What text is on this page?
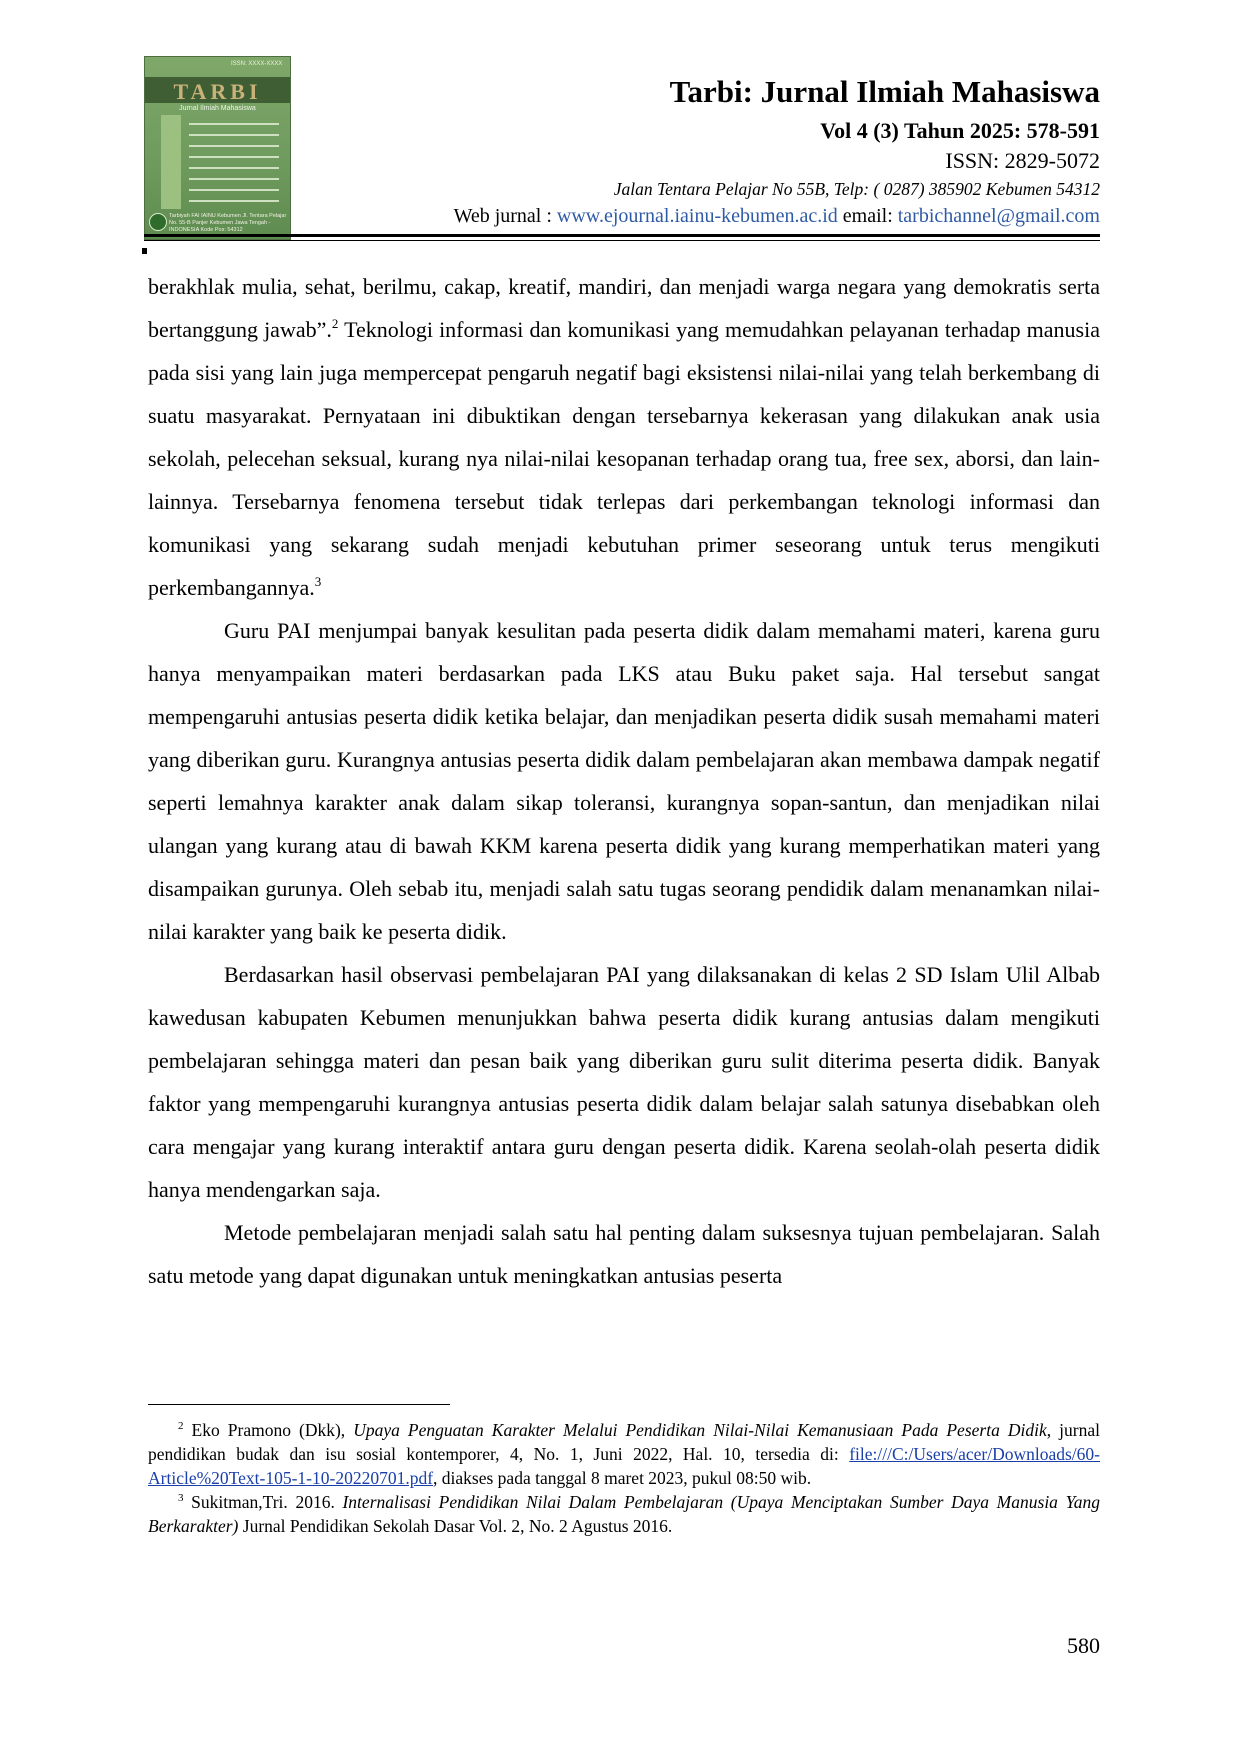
ISSN: XXXX-XXXX
TARBI
Jurnal Ilmiah Mahasiswa
Tarbiyah FAI IAINU Kebumen Jl. Tentara Pelajar No. 55-B Panjer Kebumen Jawa Tengah - INDONESIA Kode Pos: 54312
Tarbi: Jurnal Ilmiah Mahasiswa
Vol 4 (3) Tahun 2025: 578-591
ISSN: 2829-5072
Jalan Tentara Pelajar No 55B, Telp: ( 0287) 385902 Kebumen 54312
Web jurnal : www.ejournal.iainu-kebumen.ac.id email: tarbichannel@gmail.com

berakhlak mulia, sehat, berilmu, cakap, kreatif, mandiri, dan menjadi warga negara yang demokratis serta bertanggung jawab”.$^2$ Teknologi informasi dan komunikasi yang memudahkan pelayanan terhadap manusia pada sisi yang lain juga mempercepat pengaruh negatif bagi eksistensi nilai-nilai yang telah berkembang di suatu masyarakat. Pernyataan ini dibuktikan dengan tersebarnya kekerasan yang dilakukan anak usia sekolah, pelecehan seksual, kurang nya nilai-nilai kesopanan terhadap orang tua, free sex, aborsi, dan lain-lainnya. Tersebarnya fenomena tersebut tidak terlepas dari perkembangan teknologi informasi dan komunikasi yang sekarang sudah menjadi kebutuhan primer seseorang untuk terus mengikuti perkembangannya.$^3$

Guru PAI menjumpai banyak kesulitan pada peserta didik dalam memahami materi, karena guru hanya menyampaikan materi berdasarkan pada LKS atau Buku paket saja. Hal tersebut sangat mempengaruhi antusias peserta didik ketika belajar, dan menjadikan peserta didik susah memahami materi yang diberikan guru. Kurangnya antusias peserta didik dalam pembelajaran akan membawa dampak negatif seperti lemahnya karakter anak dalam sikap toleransi, kurangnya sopan-santun, dan menjadikan nilai ulangan yang kurang atau di bawah KKM karena peserta didik yang kurang memperhatikan materi yang disampaikan gurunya. Oleh sebab itu, menjadi salah satu tugas seorang pendidik dalam menanamkan nilai-nilai karakter yang baik ke peserta didik.

Berdasarkan hasil observasi pembelajaran PAI yang dilaksanakan di kelas 2 SD Islam Ulil Albab kawedusan kabupaten Kebumen menunjukkan bahwa peserta didik kurang antusias dalam mengikuti pembelajaran sehingga materi dan pesan baik yang diberikan guru sulit diterima peserta didik. Banyak faktor yang mempengaruhi kurangnya antusias peserta didik dalam belajar salah satunya disebabkan oleh cara mengajar yang kurang interaktif antara guru dengan peserta didik. Karena seolah-olah peserta didik hanya mendengarkan saja.

Metode pembelajaran menjadi salah satu hal penting dalam suksesnya tujuan pembelajaran. Salah satu metode yang dapat digunakan untuk meningkatkan antusias peserta

$^2$ Eko Pramono (Dkk), Upaya Penguatan Karakter Melalui Pendidikan Nilai-Nilai Kemanusiaan Pada Peserta Didik, jurnal pendidikan budak dan isu sosial kontemporer, 4, No. 1, Juni 2022, Hal. 10, tersedia di: file:///C:/Users/acer/Downloads/60-Article%20Text-105-1-10-20220701.pdf, diakses pada tanggal 8 maret 2023, pukul 08:50 wib.

$^3$ Sukitman,Tri. 2016. Internalisasi Pendidikan Nilai Dalam Pembelajaran (Upaya Menciptakan Sumber Daya Manusia Yang Berkarakter) Jurnal Pendidikan Sekolah Dasar Vol. 2, No. 2 Agustus 2016.

580
